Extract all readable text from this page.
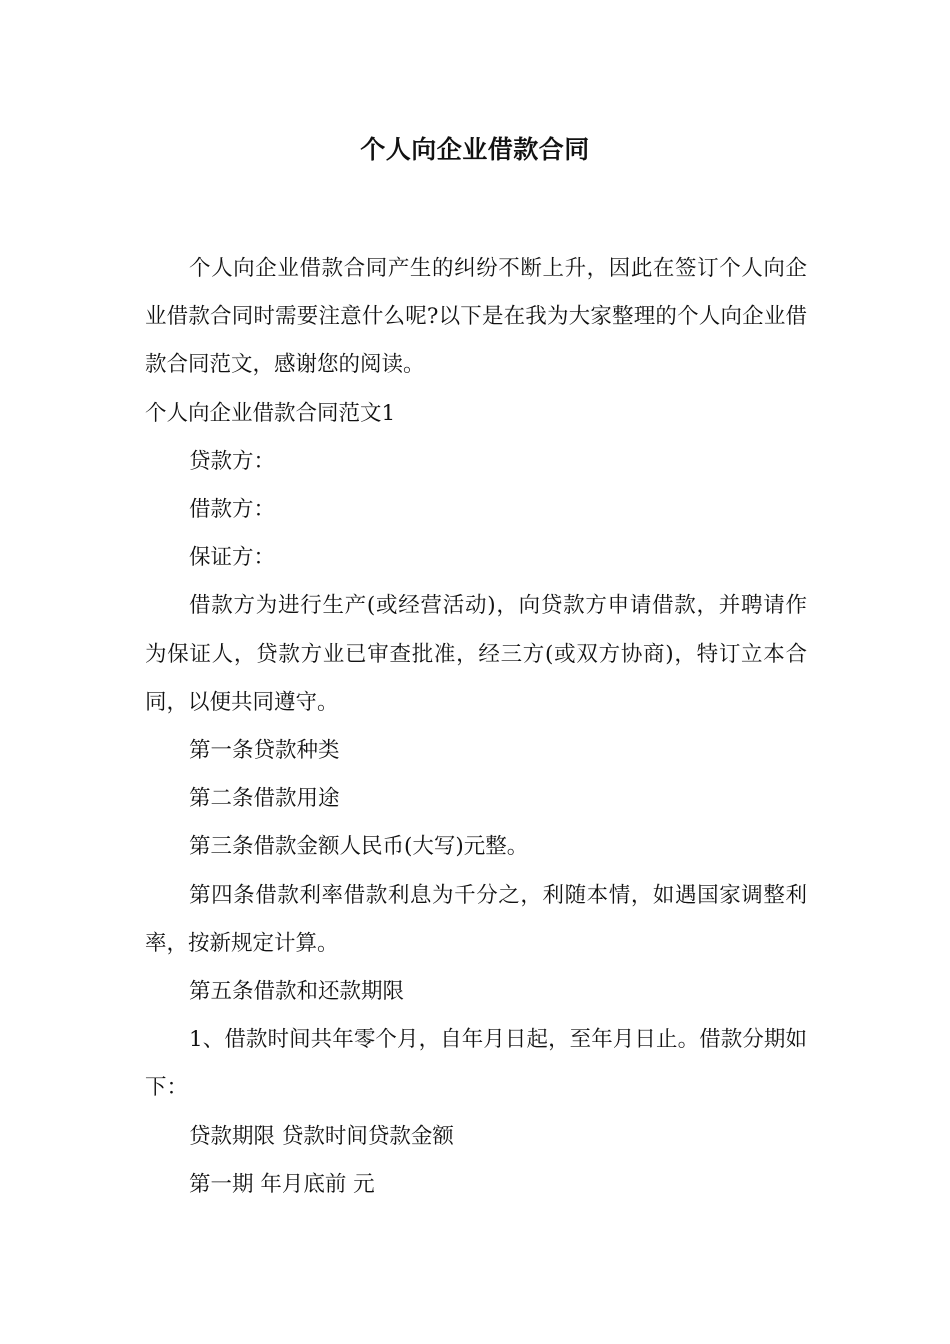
个人向企业借款合同

个人向企业借款合同产生的纠纷不断上升，因此在签订个人向企业借款合同时需要注意什么呢?以下是在我为大家整理的个人向企业借款合同范文，感谢您的阅读。

个人向企业借款合同范文1

贷款方：

借款方：

保证方：

借款方为进行生产(或经营活动)，向贷款方申请借款，并聘请作为保证人，贷款方业已审查批准，经三方(或双方协商)，特订立本合同，以便共同遵守。

第一条贷款种类

第二条借款用途

第三条借款金额人民币(大写)元整。

第四条借款利率借款利息为千分之，利随本情，如遇国家调整利率，按新规定计算。

第五条借款和还款期限

1、借款时间共年零个月，自年月日起，至年月日止。借款分期如下：

贷款期限 贷款时间贷款金额

第一期 年月底前 元
